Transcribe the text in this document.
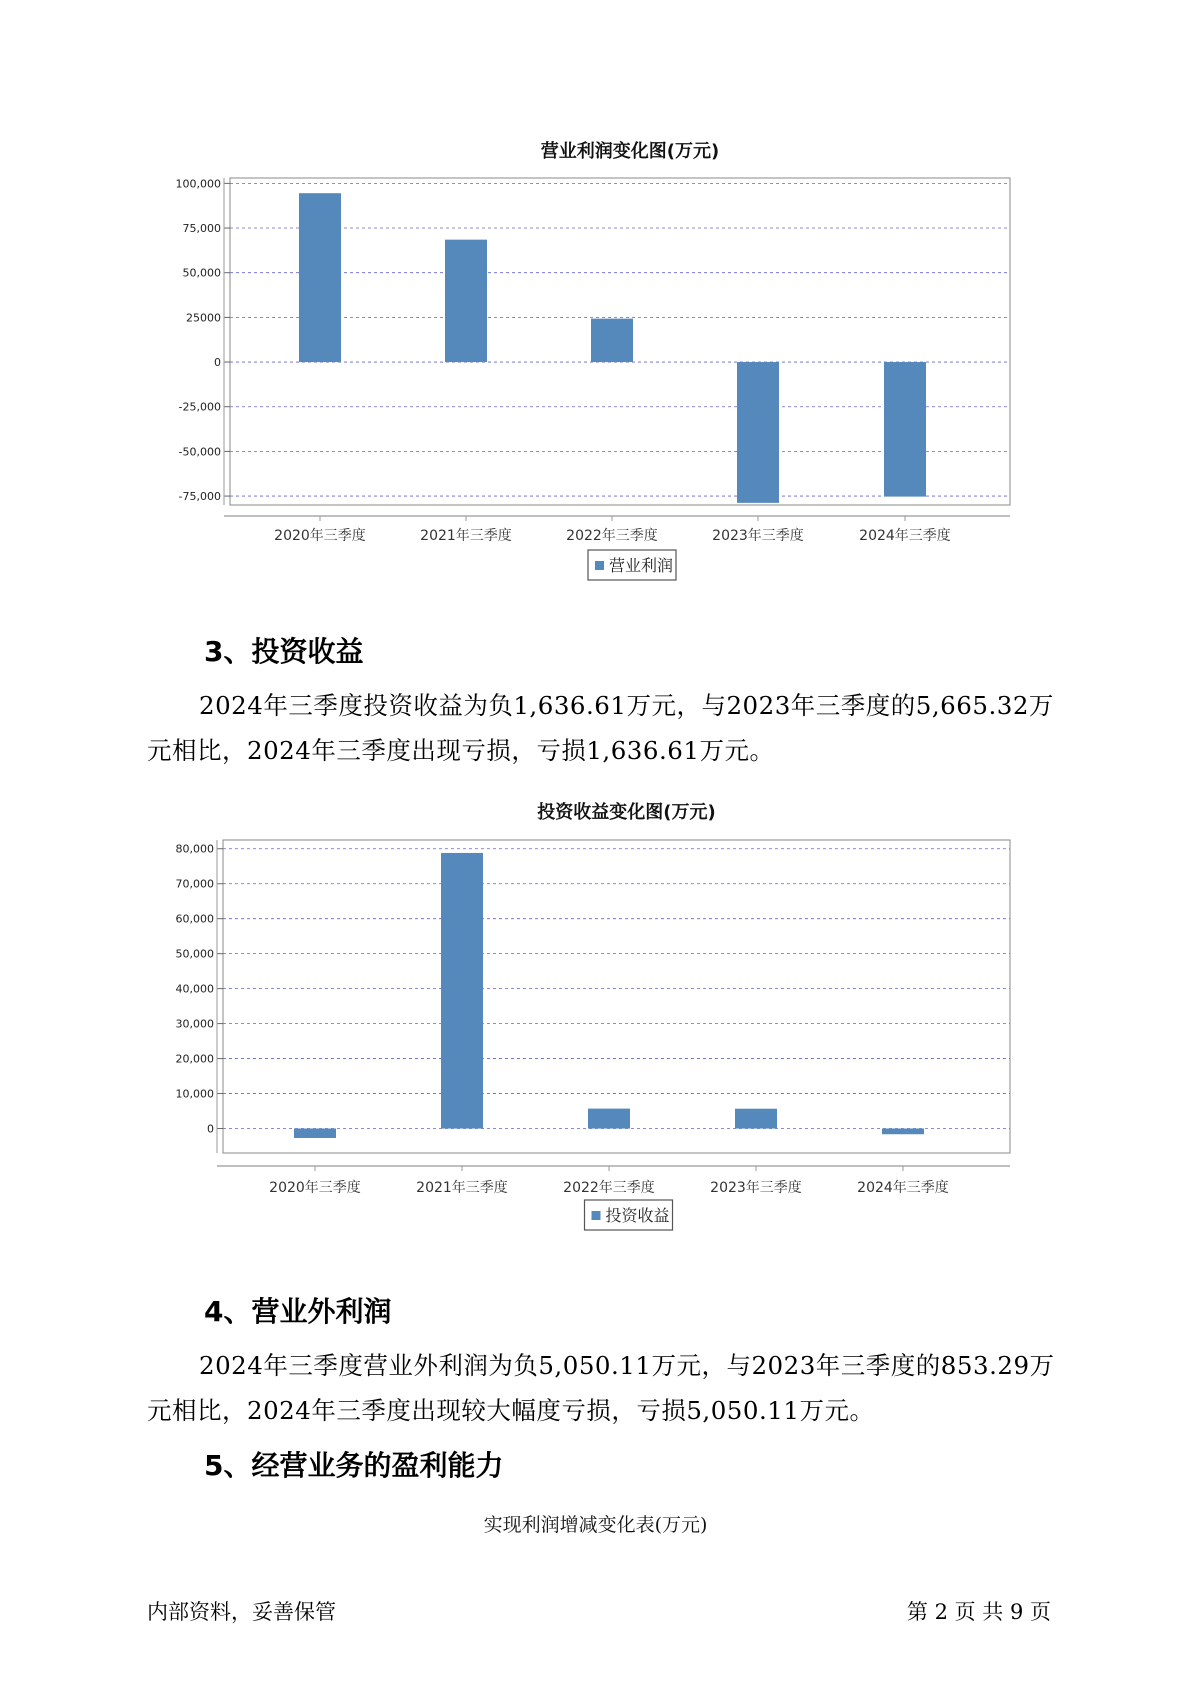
营业利润变化图(万元)
100,000
75,000
50,000
25000
0
-25,000
-50,000
-75,000
2020年三季度	2021年三季度	2022年三季度	2023年三季度	2024年三季度
营业利润
3、投资收益

2024年三季度投资收益为负1,636.61万元，与2023年三季度的5,665.32万元相比，2024年三季度出现亏损，亏损1,636.61万元。

投资收益变化图(万元)
80,000
70,000
60,000
50,000
40,000
30,000
20,000
10,000
0
2020年三季度	2021年三季度	2022年三季度	2023年三季度	2024年三季度
投资收益
4、营业外利润

2024年三季度营业外利润为负5,050.11万元，与2023年三季度的853.29万元相比，2024年三季度出现较大幅度亏损，亏损5,050.11万元。

5、经营业务的盈利能力
实现利润增减变化表(万元)
内部资料，妥善保管	第 2 页 共 9 页
